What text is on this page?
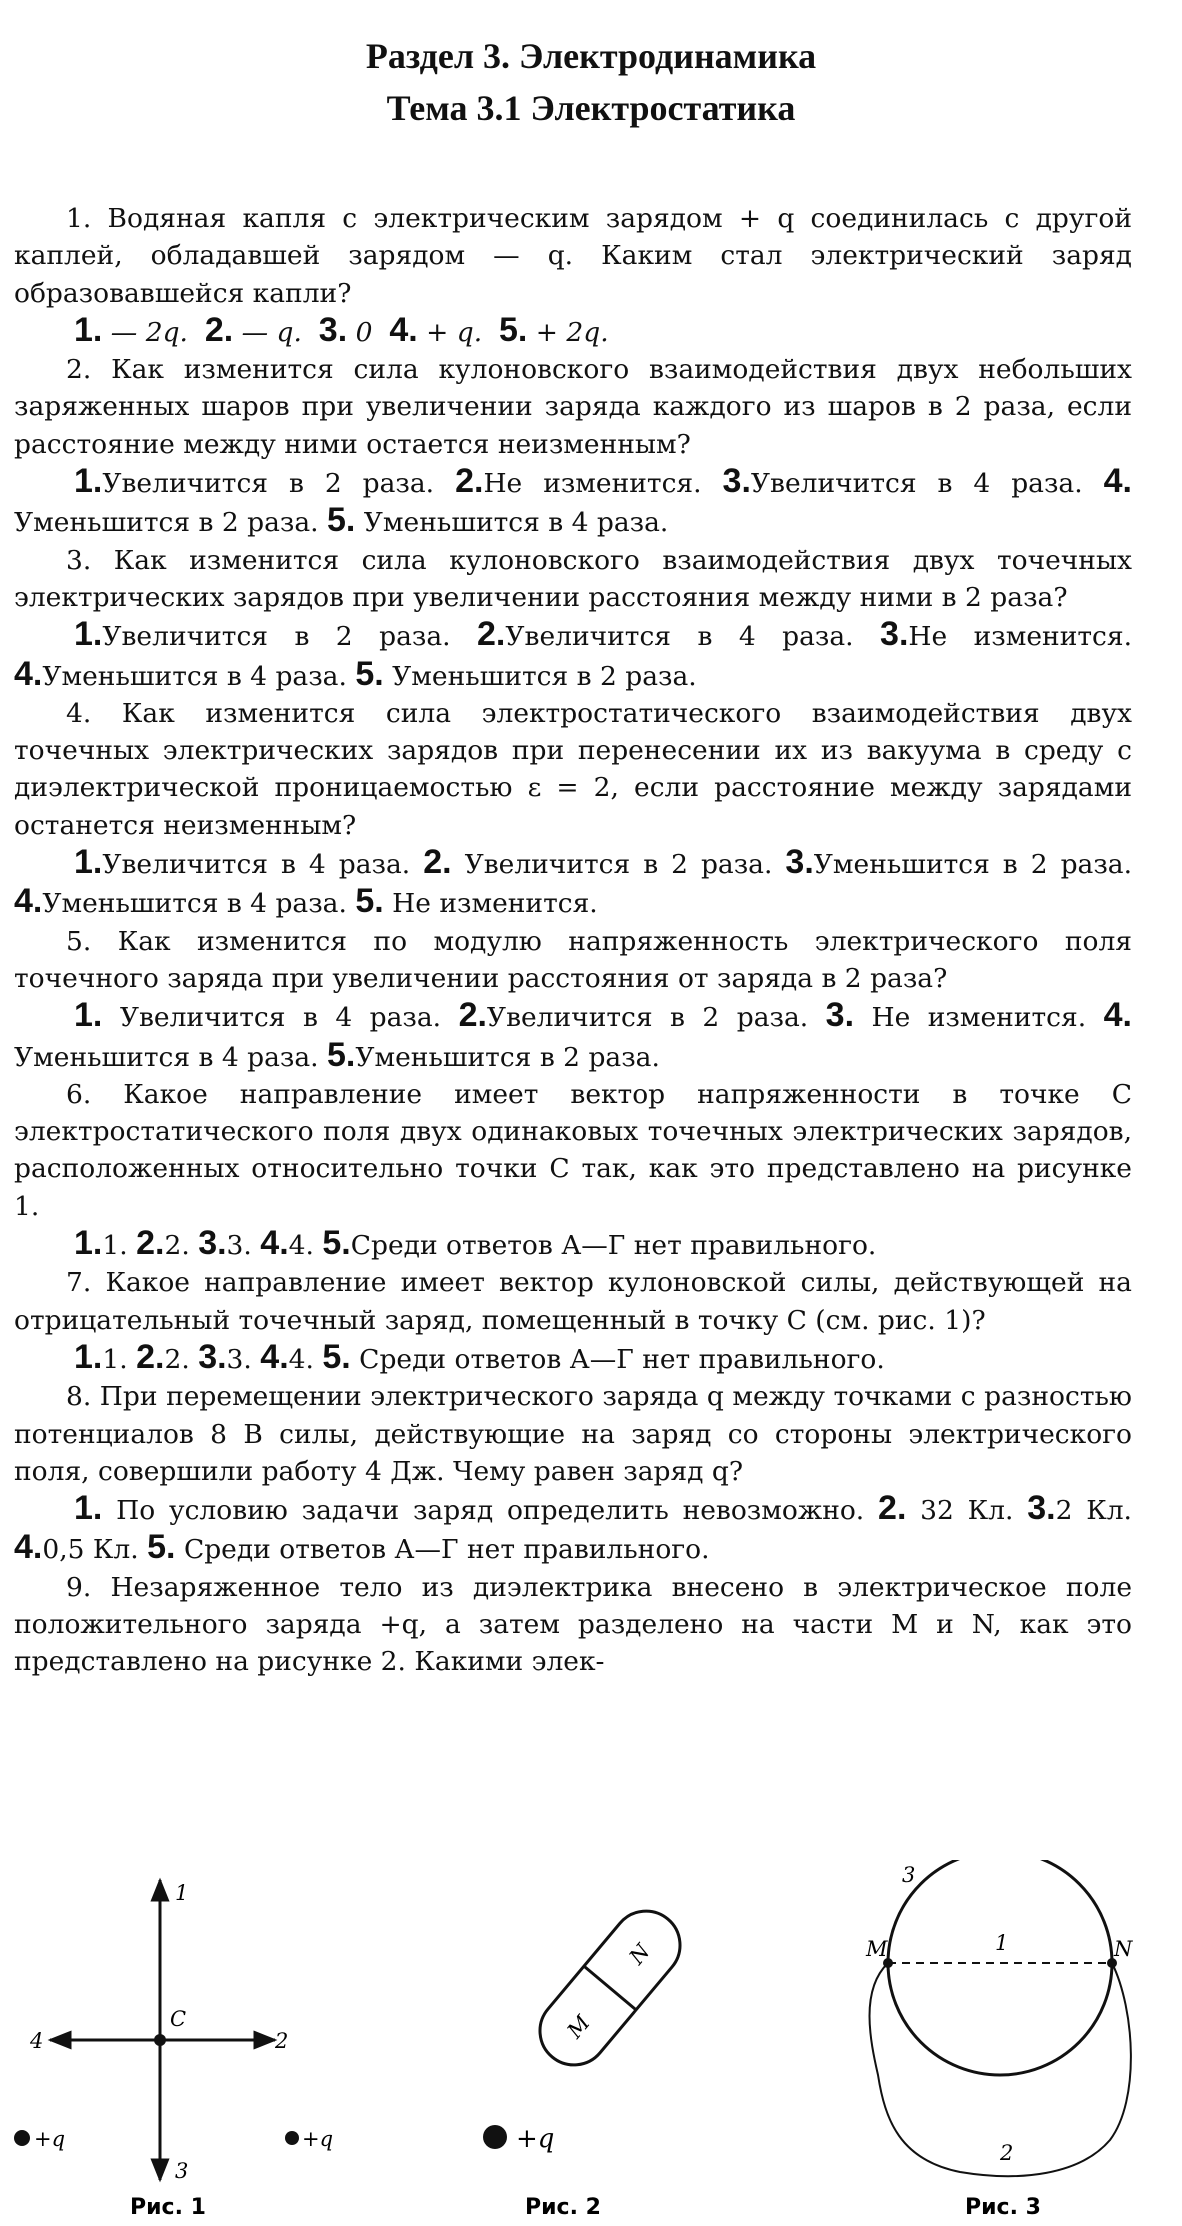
Раздел 3. Электродинамика
Тема 3.1 Электростатика

1. Водяная капля с электрическим зарядом + q соединилась с другой каплей, обладавшей зарядом — q. Каким стал электрический заряд образовавшейся капли?

1. — 2q. 2. — q. 3. 0 4. + q. 5. + 2q.

2. Как изменится сила кулоновского взаимодействия двух небольших заряженных шаров при увеличении заряда каждого из шаров в 2 раза, если расстояние между ними остается неизменным?

1.Увеличится в 2 раза. 2.Не изменится. 3.Увеличится в 4 раза. 4. Уменьшится в 2 раза. 5. Уменьшится в 4 раза.

3. Как изменится сила кулоновского взаимодействия двух точечных электрических зарядов при увеличении расстояния между ними в 2 раза?

1.Увеличится в 2 раза. 2.Увеличится в 4 раза. 3.Не изменится. 4.Уменьшится в 4 раза. 5. Уменьшится в 2 раза.

4. Как изменится сила электростатического взаимодействия двух точечных электрических зарядов при перенесении их из вакуума в среду с диэлектрической проницаемостью ε = 2, если расстояние между зарядами останется неизменным?

1.Увеличится в 4 раза. 2. Увеличится в 2 раза. 3.Уменьшится в 2 раза. 4.Уменьшится в 4 раза. 5. Не изменится.

5. Как изменится по модулю напряженность электрического поля точечного заряда при увеличении расстояния от заряда в 2 раза?

1. Увеличится в 4 раза. 2.Увеличится в 2 раза. 3. Не изменится. 4. Уменьшится в 4 раза. 5.Уменьшится в 2 раза.

6. Какое направление имеет вектор напряженности в точке С электростатического поля двух одинаковых точечных электрических зарядов, расположенных относительно точки С так, как это представлено на рисунке 1.

1.1. 2.2. 3.3. 4.4. 5.Среди ответов А—Г нет правильного.

7. Какое направление имеет вектор кулоновской силы, действующей на отрицательный точечный заряд, помещенный в точку С (см. рис. 1)?

1.1. 2.2. 3.3. 4.4. 5. Среди ответов А—Г нет правильного.

8. При перемещении электрического заряда q между точками с разностью потенциалов 8 В силы, действующие на заряд со стороны электрического поля, совершили работу 4 Дж. Чему равен заряд q?

1. По условию задачи заряд определить невозможно. 2. 32 Кл. 3.2 Кл. 4.0,5 Кл. 5. Среди ответов А—Г нет правильного.

9. Незаряженное тело из диэлектрика внесено в электрическое поле положительного заряда +q, а затем разделено на части M и N, как это представлено на рисунке 2. Какими элек-

С
1
2
3
4
+q	+q
Рис. 1
M
N
+q
Рис. 2
M	N
1
2
3
Рис. 3
